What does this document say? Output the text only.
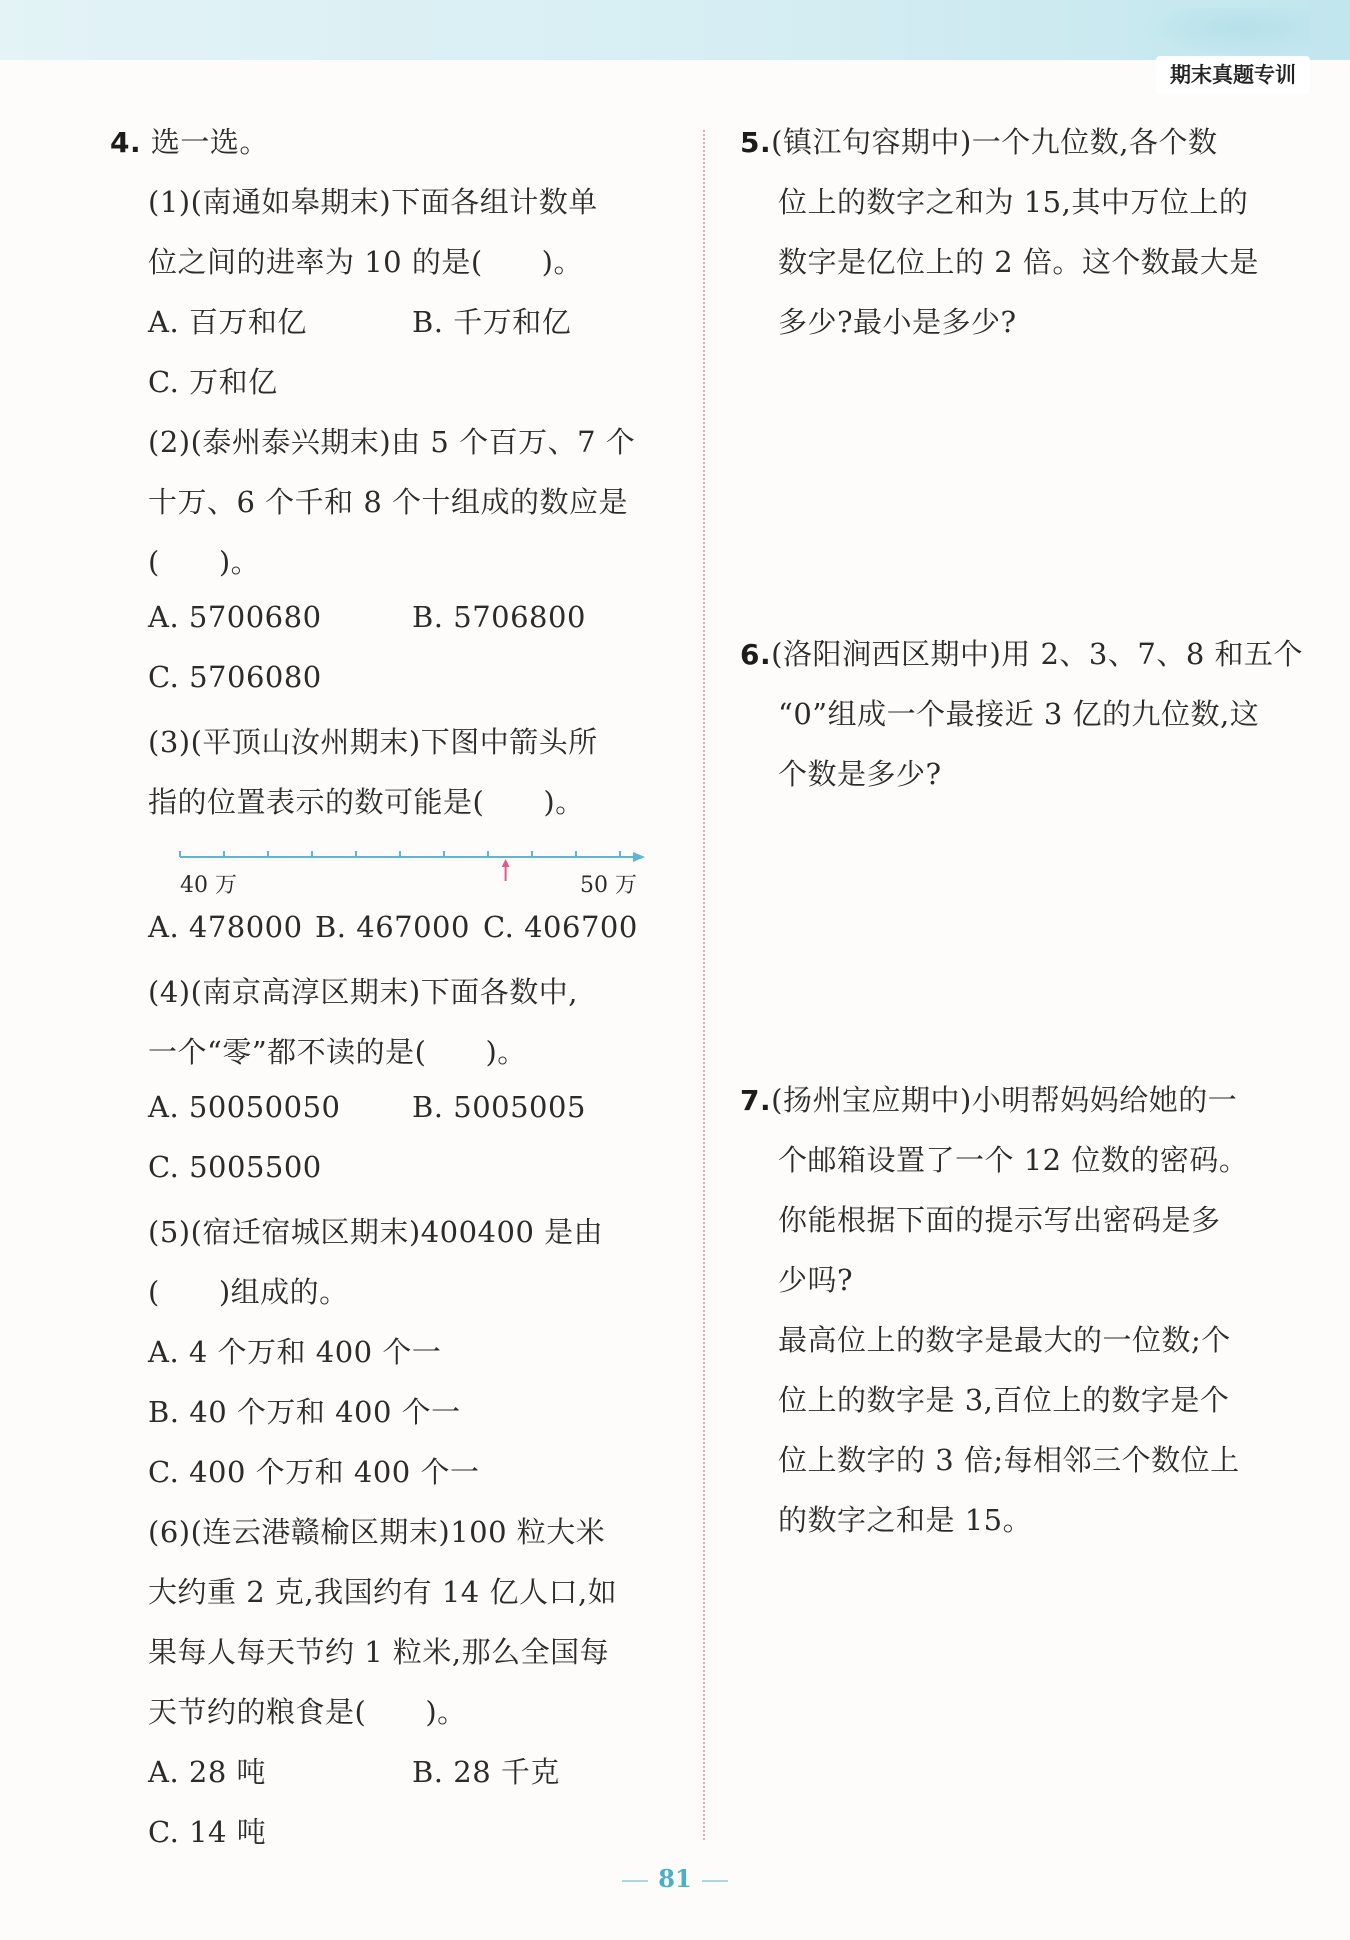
期末真题专训
4. 选一选。
(1)(南通如皋期末)下面各组计数单
位之间的进率为 10 的是(　　)。
A. 百万和亿	B. 千万和亿
C. 万和亿
(2)(泰州泰兴期末)由 5 个百万、7 个
十万、6 个千和 8 个十组成的数应是
(　　)。
A. 5700680	B. 5706800
C. 5706080
(3)(平顶山汝州期末)下图中箭头所
指的位置表示的数可能是(　　)。
40 万	50 万
A. 478000 B. 467000 C. 406700
(4)(南京高淳区期末)下面各数中,
一个“零”都不读的是(　　)。
A. 50050050 B. 5005005
C. 5005500
(5)(宿迁宿城区期末)400400 是由
(　　)组成的。
A. 4 个万和 400 个一
B. 40 个万和 400 个一
C. 400 个万和 400 个一
(6)(连云港赣榆区期末)100 粒大米
大约重 2 克,我国约有 14 亿人口,如
果每人每天节约 1 粒米,那么全国每
天节约的粮食是(　　)。
A. 28 吨	B. 28 千克
C. 14 吨
5.(镇江句容期中)一个九位数,各个数
位上的数字之和为 15,其中万位上的
数字是亿位上的 2 倍。这个数最大是
多少?最小是多少?
6.(洛阳涧西区期中)用 2、3、7、8 和五个
“0”组成一个最接近 3 亿的九位数,这
个数是多少?
7.(扬州宝应期中)小明帮妈妈给她的一
个邮箱设置了一个 12 位数的密码。
你能根据下面的提示写出密码是多
少吗?
最高位上的数字是最大的一位数;个
位上的数字是 3,百位上的数字是个
位上数字的 3 倍;每相邻三个数位上
的数字之和是 15。
81
